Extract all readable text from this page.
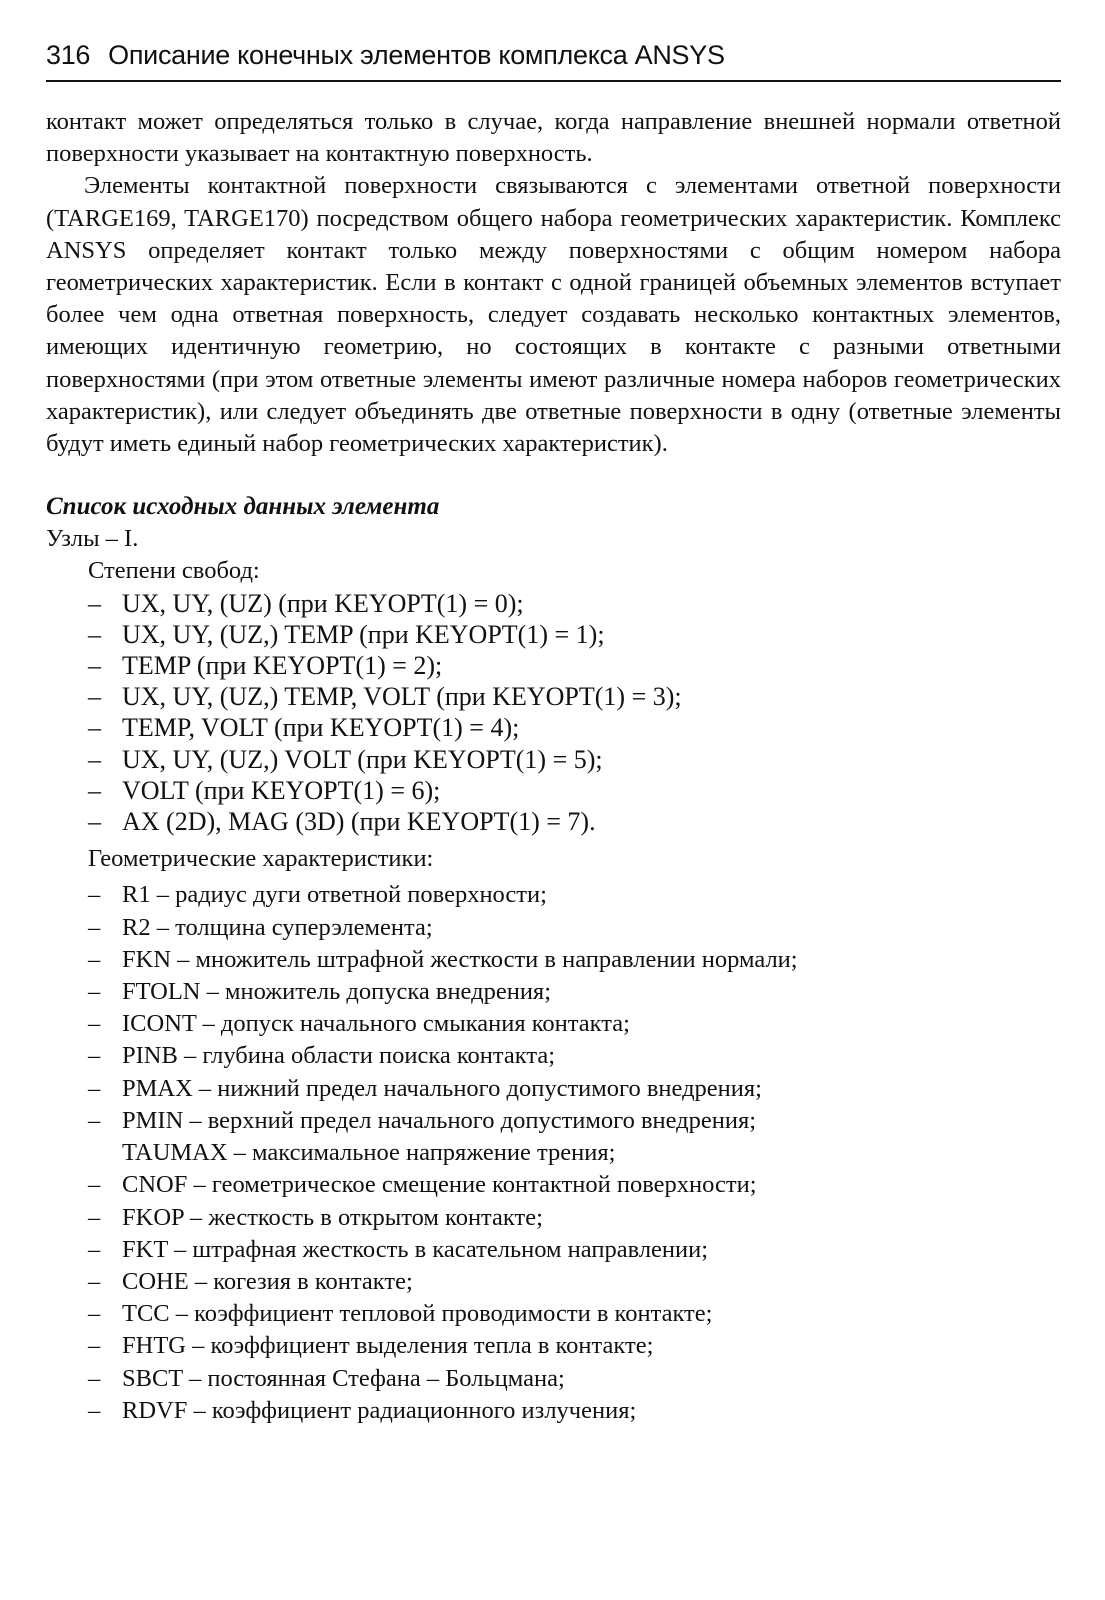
316 Описание конечных элементов комплекса ANSYS

контакт может определяться только в случае, когда направление внешней нормали ответной поверхности указывает на контактную поверхность.

Элементы контактной поверхности связываются с элементами ответной поверхности (TARGE169, TARGE170) посредством общего набора геометрических характеристик. Комплекс ANSYS определяет контакт только между поверхностями с общим номером набора геометрических характеристик. Если в контакт с одной границей объемных элементов вступает более чем одна ответная поверхность, следует создавать несколько контактных элементов, имеющих идентичную геометрию, но состоящих в контакте с разными ответными поверхностями (при этом ответные элементы имеют различные номера наборов геометрических характеристик), или следует объединять две ответные поверхности в одну (ответные элементы будут иметь единый набор геометрических характеристик).

Список исходных данных элемента

Узлы – I.

Степени свобод:

– UX, UY, (UZ) (при KEYOPT(1) = 0);
– UX, UY, (UZ,) TEMP (при KEYOPT(1) = 1);
– TEMP (при KEYOPT(1) = 2);
– UX, UY, (UZ,) TEMP, VOLT (при KEYOPT(1) = 3);
– TEMP, VOLT (при KEYOPT(1) = 4);
– UX, UY, (UZ,) VOLT (при KEYOPT(1) = 5);
– VOLT (при KEYOPT(1) = 6);
– AX (2D), MAG (3D) (при KEYOPT(1) = 7).

Геометрические характеристики:

– R1 – радиус дуги ответной поверхности;
– R2 – толщина суперэлемента;
– FKN – множитель штрафной жесткости в направлении нормали;
– FTOLN – множитель допуска внедрения;
– ICONT – допуск начального смыкания контакта;
– PINB – глубина области поиска контакта;
– PMAX – нижний предел начального допустимого внедрения;
– PMIN – верхний предел начального допустимого внедрения;
TAUMAX – максимальное напряжение трения;
– CNOF – геометрическое смещение контактной поверхности;
– FKOP – жесткость в открытом контакте;
– FKT – штрафная жесткость в касательном направлении;
– COHE – когезия в контакте;
– TCC – коэффициент тепловой проводимости в контакте;
– FHTG – коэффициент выделения тепла в контакте;
– SBCT – постоянная Стефана – Больцмана;
– RDVF – коэффициент радиационного излучения;
